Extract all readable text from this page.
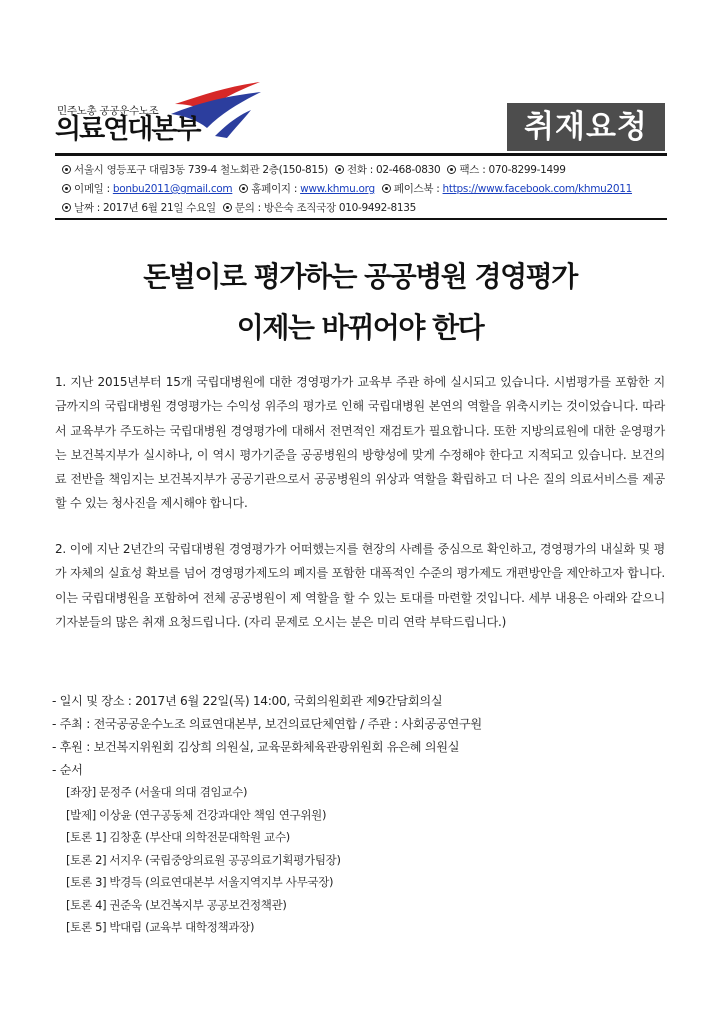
민주노총 공공운수노조
의료연대본부	취재요청
서울시 영등포구 대림3동 739-4 철노회관 2층(150-815) 전화 : 02-468-0830 팩스 : 070-8299-1499
이메일 : bonbu2011@gmail.com 홈페이지 : www.khmu.org 페이스북 : https://www.facebook.com/khmu2011
날짜 : 2017년 6월 21일 수요일 문의 : 방은숙 조직국장 010-9492-8135
돈벌이로 평가하는 공공병원 경영평가
이제는 바뀌어야 한다
1. 지난 2015년부터 15개 국립대병원에 대한 경영평가가 교육부 주관 하에 실시되고 있습니다. 시범평가를 포함한 지금까지의 국립대병원 경영평가는 수익성 위주의 평가로 인해 국립대병원 본연의 역할을 위축시키는 것이었습니다. 따라서 교육부가 주도하는 국립대병원 경영평가에 대해서 전면적인 재검토가 필요합니다. 또한 지방의료원에 대한 운영평가는 보건복지부가 실시하나, 이 역시 평가기준을 공공병원의 방향성에 맞게 수정해야 한다고 지적되고 있습니다. 보건의료 전반을 책임지는 보건복지부가 공공기관으로서 공공병원의 위상과 역할을 확립하고 더 나은 질의 의료서비스를 제공할 수 있는 청사진을 제시해야 합니다.
2. 이에 지난 2년간의 국립대병원 경영평가가 어떠했는지를 현장의 사례를 중심으로 확인하고, 경영평가의 내실화 및 평가 자체의 실효성 확보를 넘어 경영평가제도의 폐지를 포함한 대폭적인 수준의 평가제도 개편방안을 제안하고자 합니다. 이는 국립대병원을 포함하여 전체 공공병원이 제 역할을 할 수 있는 토대를 마련할 것입니다. 세부 내용은 아래와 같으니 기자분들의 많은 취재 요청드립니다. (자리 문제로 오시는 분은 미리 연락 부탁드립니다.)
- 일시 및 장소 : 2017년 6월 22일(목) 14:00, 국회의원회관 제9간담회의실
- 주최 : 전국공공운수노조 의료연대본부, 보건의료단체연합 / 주관 : 사회공공연구원
- 후원 : 보건복지위원회 김상희 의원실, 교육문화체육관광위원회 유은혜 의원실
- 순서
[좌장] 문정주 (서울대 의대 겸임교수)
[발제] 이상윤 (연구공동체 건강과대안 책임 연구위원)
[토론 1] 김창훈 (부산대 의학전문대학원 교수)
[토론 2] 서지우 (국립중앙의료원 공공의료기획평가팀장)
[토론 3] 박경득 (의료연대본부 서울지역지부 사무국장)
[토론 4] 권준욱 (보건복지부 공공보건정책관)
[토론 5] 박대림 (교육부 대학정책과장)
